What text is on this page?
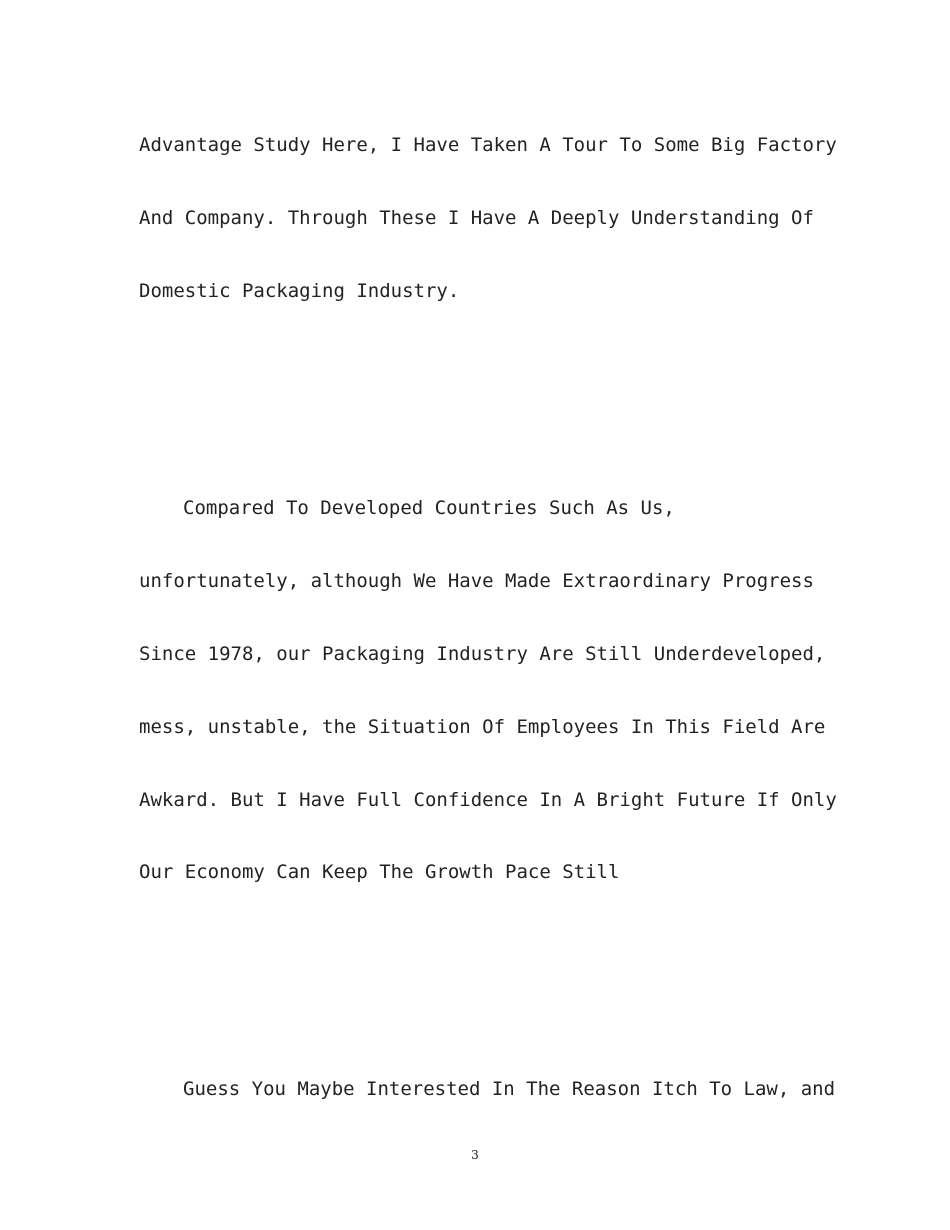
Advantage Study Here, I Have Taken A Tour To Some Big Factory

And Company. Through These I Have A Deeply Understanding Of

Domestic Packaging Industry.

Compared To Developed Countries Such As Us,

unfortunately, although We Have Made Extraordinary Progress

Since 1978, our Packaging Industry Are Still Underdeveloped,

mess, unstable, the Situation Of Employees In This Field Are

Awkard. But I Have Full Confidence In A Bright Future If Only

Our Economy Can Keep The Growth Pace Still

Guess You Maybe Interested In The Reason Itch To Law, and

3
